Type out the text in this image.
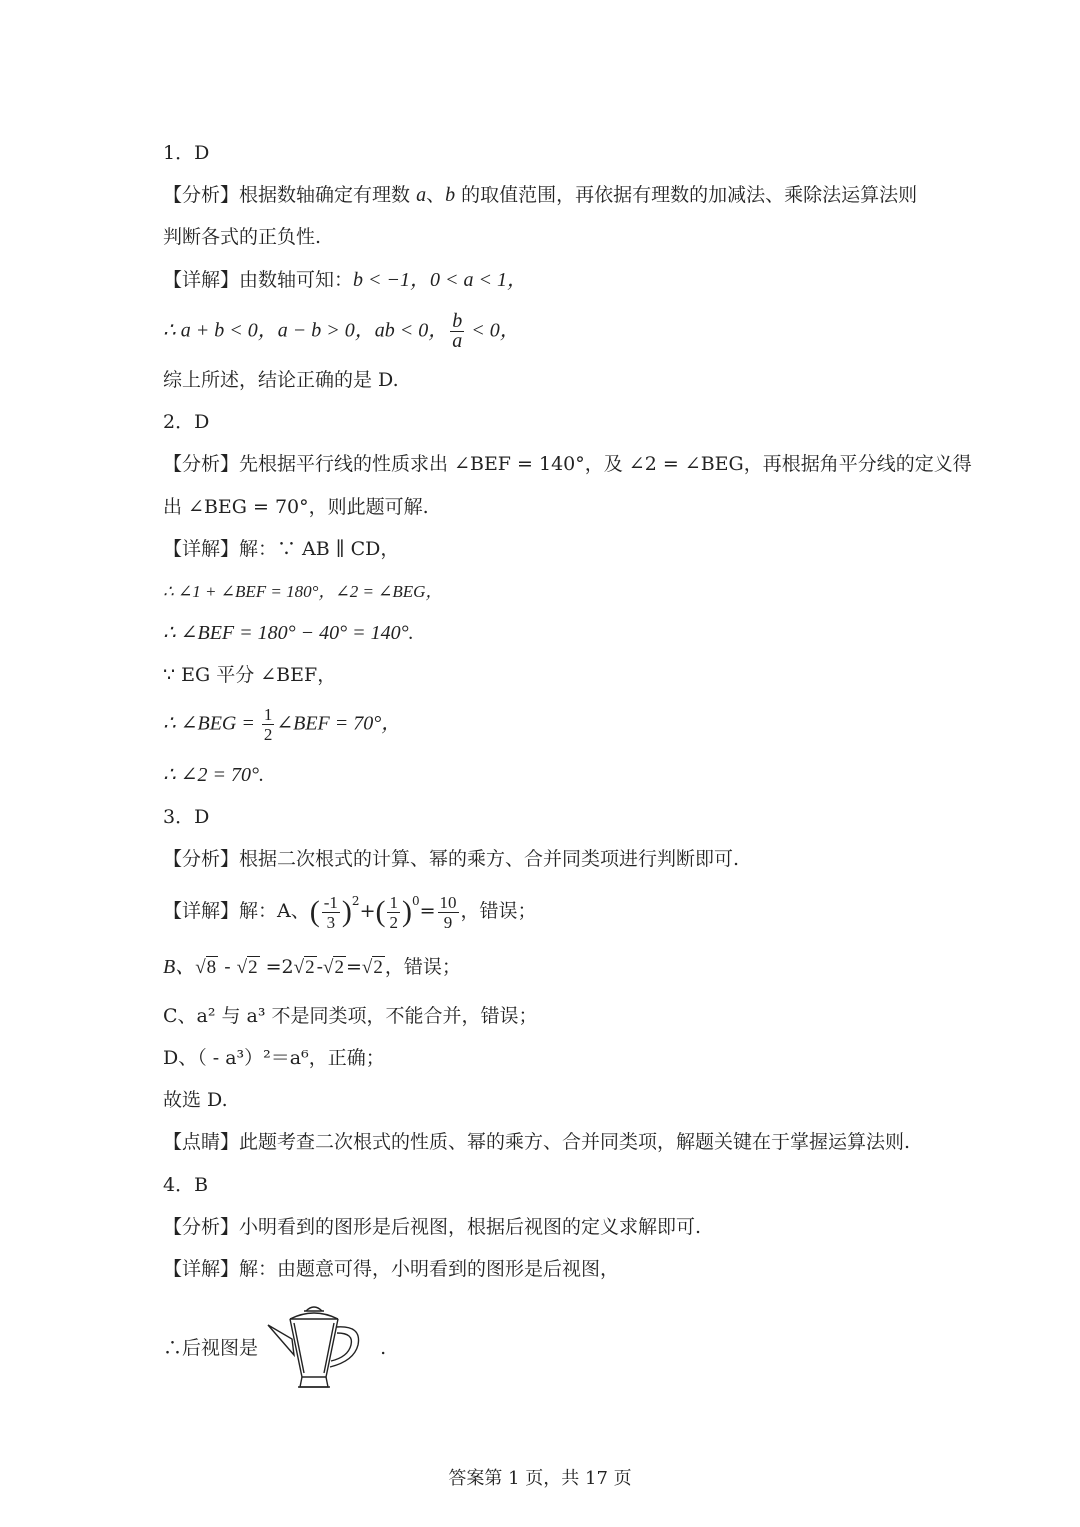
1．D
【分析】根据数轴确定有理数 a、b 的取值范围，再依据有理数的加减法、乘除法运算法则
判断各式的正负性.
【详解】由数轴可知：b < −1，0 < a < 1，
∴ a + b < 0，a − b > 0，ab < 0， $\frac{b}{a} < 0$，
综上所述，结论正确的是 D.
2．D
【分析】先根据平行线的性质求出 ∠BEF = 140°，及 ∠2 = ∠BEG，再根据角平分线的定义得
出 ∠BEG = 70°，则此题可解.
【详解】解：∵ AB ∥ CD，
∴ ∠1 + ∠BEF = 180°，∠2 = ∠BEG，
∴ ∠BEF = 180° − 40° = 140°.
∵ EG 平分 ∠BEF，
∴ ∠BEG = $\frac{1}{2}$ ∠BEF = 70°，
∴ ∠2 = 70°.
3．D
【分析】根据二次根式的计算、幂的乘方、合并同类项进行判断即可.
【详解】解：A、( $\frac{-1}{3} )^2+( \frac{1}{2} )^0= \frac{10}{9}$ ，错误；
B、√8 - √2 =2√2 -√2 =√2 ，错误；
C、a² 与 a³ 不是同类项，不能合并，错误；
D、（ - a³）²＝a⁶，正确；
故选 D.
【点睛】此题考查二次根式的性质、幂的乘方、合并同类项，解题关键在于掌握运算法则.
4．B
【分析】小明看到的图形是后视图，根据后视图的定义求解即可.
【详解】解：由题意可得，小明看到的图形是后视图，
∴后视图是	.
答案第 1 页，共 17 页
